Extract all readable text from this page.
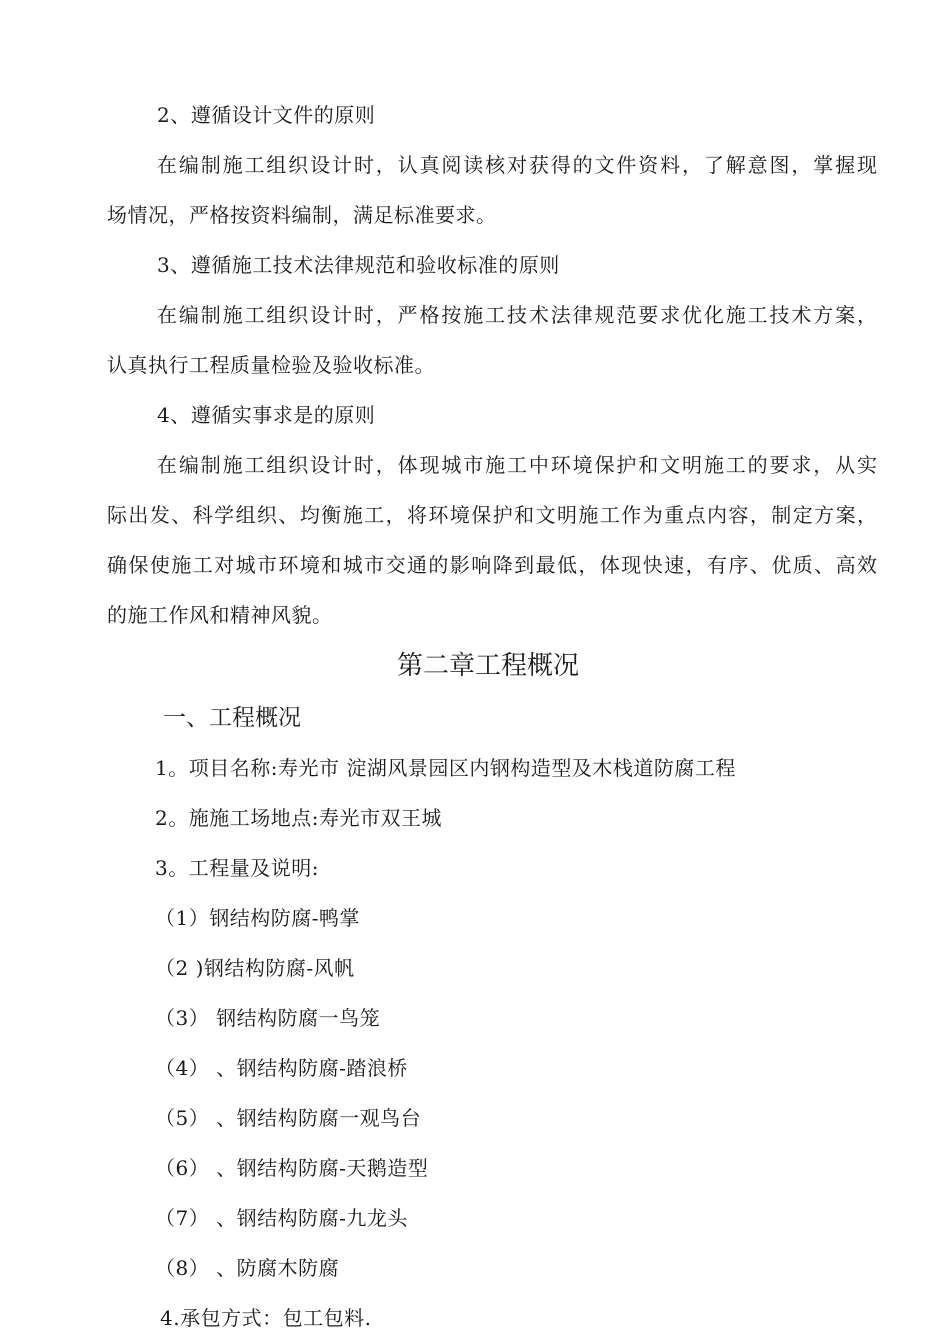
2、遵循设计文件的原则
在编制施工组织设计时，认真阅读核对获得的文件资料，了解意图，掌握现
场情况，严格按资料编制，满足标准要求。
3、遵循施工技术法律规范和验收标准的原则
在编制施工组织设计时，严格按施工技术法律规范要求优化施工技术方案，
认真执行工程质量检验及验收标准。
4、遵循实事求是的原则
在编制施工组织设计时，体现城市施工中环境保护和文明施工的要求，从实
际出发、科学组织、均衡施工，将环境保护和文明施工作为重点内容，制定方案，
确保使施工对城市环境和城市交通的影响降到最低，体现快速，有序、优质、高效
的施工作风和精神风貌。
第二章工程概况
一、工程概况
1。项目名称:寿光市 淀湖风景园区内钢构造型及木栈道防腐工程
2。施施工场地点:寿光市双王城
3。工程量及说明:
（1）钢结构防腐-鸭掌
（2 )钢结构防腐-风帆
（3） 钢结构防腐一鸟笼
（4） 、钢结构防腐-踏浪桥
（5） 、钢结构防腐一观鸟台
（6） 、钢结构防腐-天鹅造型
（7） 、钢结构防腐-九龙头
（8） 、防腐木防腐
4.承包方式：包工包料.
